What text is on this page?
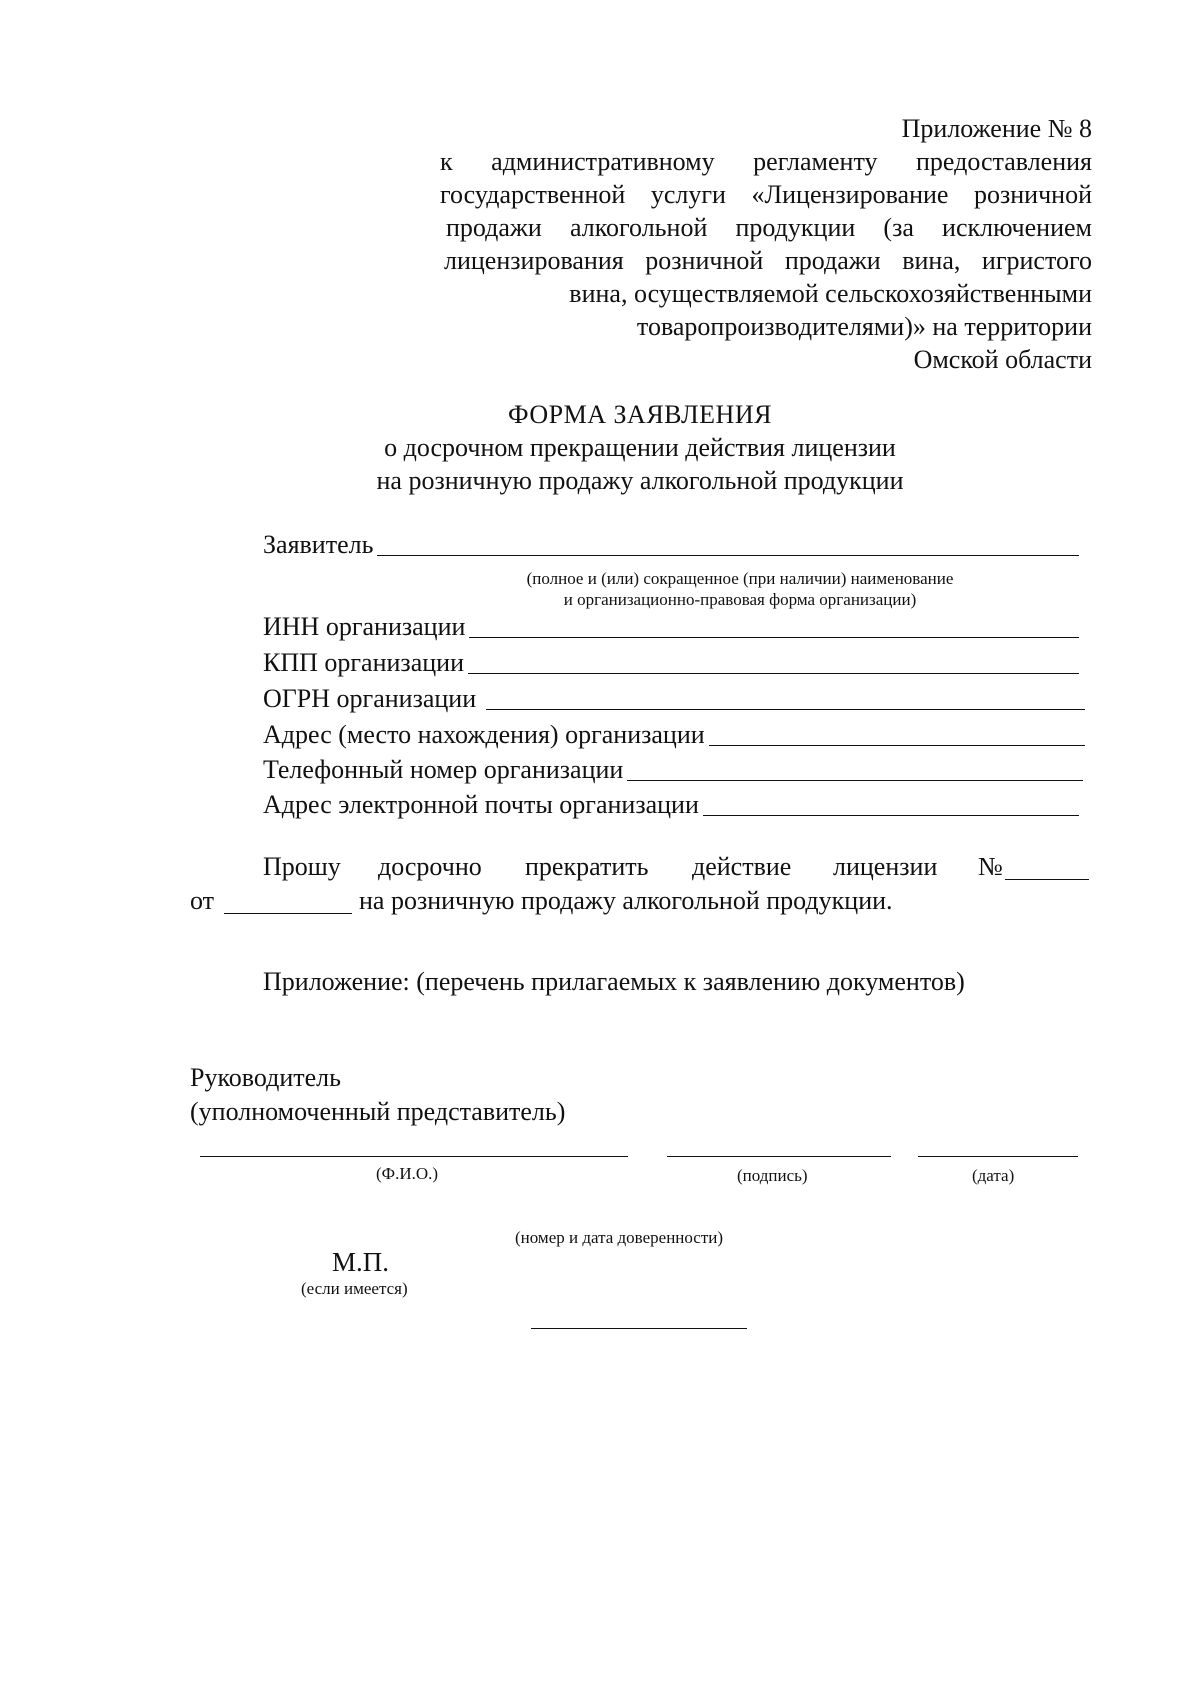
Приложение № 8
к административному регламенту предоставления
государственной услуги «Лицензирование розничной
продажи алкогольной продукции (за исключением
лицензирования розничной продажи вина, игристого
вина, осуществляемой сельскохозяйственными
товаропроизводителями)» на территории
Омской области
ФОРМА ЗАЯВЛЕНИЯ
о досрочном прекращении действия лицензии
на розничную продажу алкогольной продукции
Заявитель
(полное и (или) сокращенное (при наличии) наименование
и организационно-правовая форма организации)
ИНН организации
КПП организации
ОГРН организации
Адрес (место нахождения) организации
Телефонный номер организации
Адрес электронной почты организации
Прошу досрочно прекратить действие лицензии №
от	на розничную продажу алкогольной продукции.
Приложение: (перечень прилагаемых к заявлению документов)
Руководитель
(уполномоченный представитель)
(Ф.И.О.)	(подпись)	(дата)
(номер и дата доверенности)
М.П.
(если имеется)
